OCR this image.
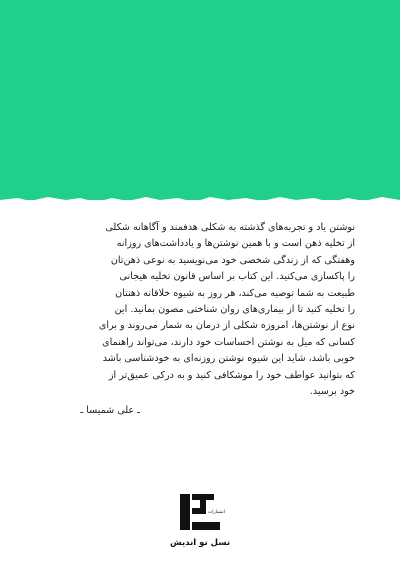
نوشتن یاد و تجربه‌های گذشته به شکلی هدفمند و آگاهانه شکلی
از تخلیه ذهن است و با همین نوشتن‌ها و یادداشت‌های روزانه
وهفتگی که از زندگی شخصی خود می‌نویسید به نوعی ذهن‌تان
را پاکسازی می‌کنید. این کتاب بر اساس قانون تخلیه هیجانی
طبیعت به شما توصیه می‌کند، هر روز به شیوه خلاقانه ذهنتان
را تخلیه کنید تا از بیماری‌های روان شناختی مصون بمانید. این
نوع از نوشتن‌ها، امروزه شکلی از درمان به شمار می‌روند و برای
کسانی که میل به نوشتن احساسات خود دارند، می‌تواند راهنمای
خوبی باشد، شاید این شیوه نوشتن روزنه‌ای به خودشناسی باشد
که بتوانید عواطف خود را موشکافی کنید و به درکی عمیق‌تر از
خود برسید.
ـ علی شمیسا ـ
انتشارات
نسل نو اندیش
